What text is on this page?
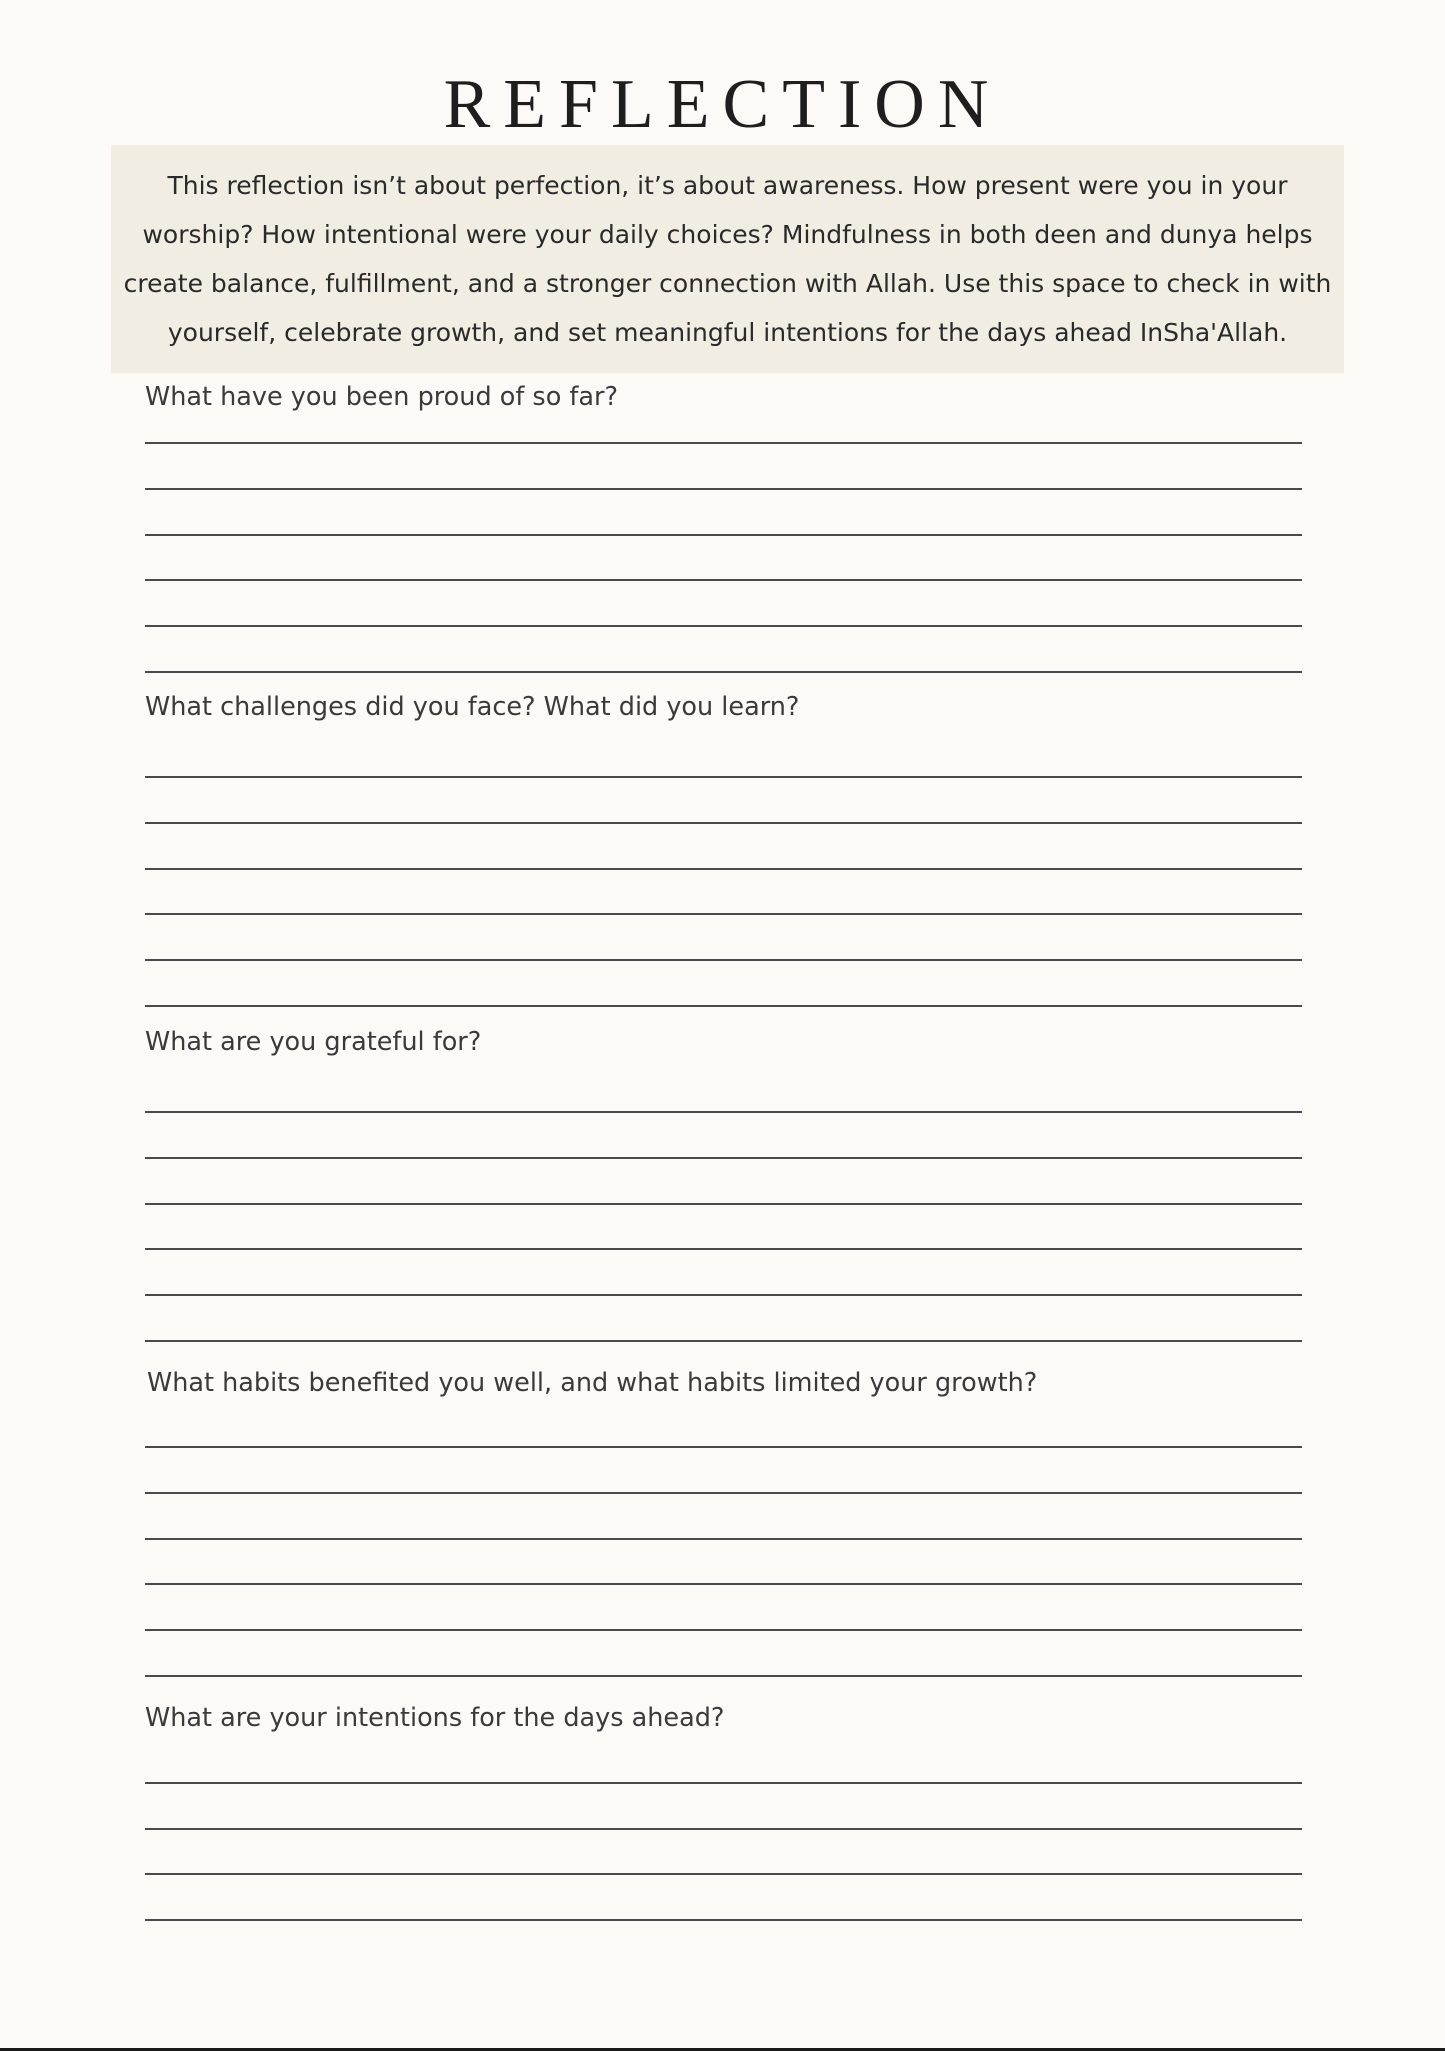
REFLECTION
This reflection isn’t about perfection, it’s about awareness. How present were you in your worship? How intentional were your daily choices? Mindfulness in both deen and dunya helps create balance, fulfillment, and a stronger connection with Allah. Use this space to check in with yourself, celebrate growth, and set meaningful intentions for the days ahead InSha'Allah.
What have you been proud of so far?
What challenges did you face? What did you learn?
What are you grateful for?
What habits benefited you well, and what habits limited your growth?
What are your intentions for the days ahead?
